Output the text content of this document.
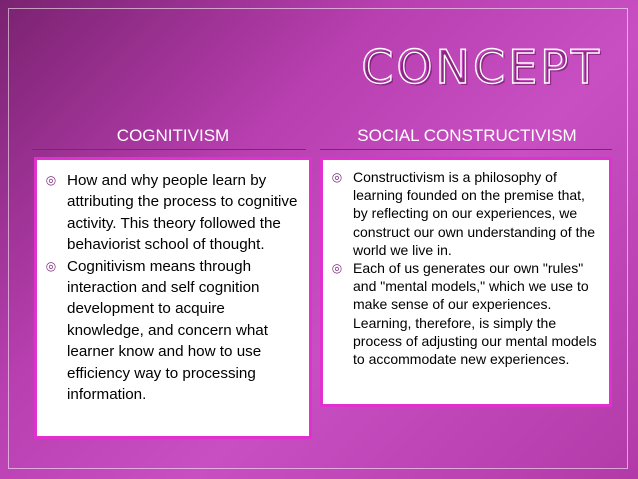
CONCEPT
COGNITIVISM	SOCIAL CONSTRUCTIVISM
◎ How and why people learn by attributing the process to cognitive activity. This theory followed the behaviorist school of thought.
◎ Cognitivism means through interaction and self cognition development to acquire knowledge, and concern what learner know and how to use efficiency way to processing information.
◎ Constructivism is a philosophy of learning founded on the premise that, by reflecting on our experiences, we construct our own understanding of the world we live in.
◎ Each of us generates our own "rules" and "mental models," which we use to make sense of our experiences. Learning, therefore, is simply the process of adjusting our mental models to accommodate new experiences.
